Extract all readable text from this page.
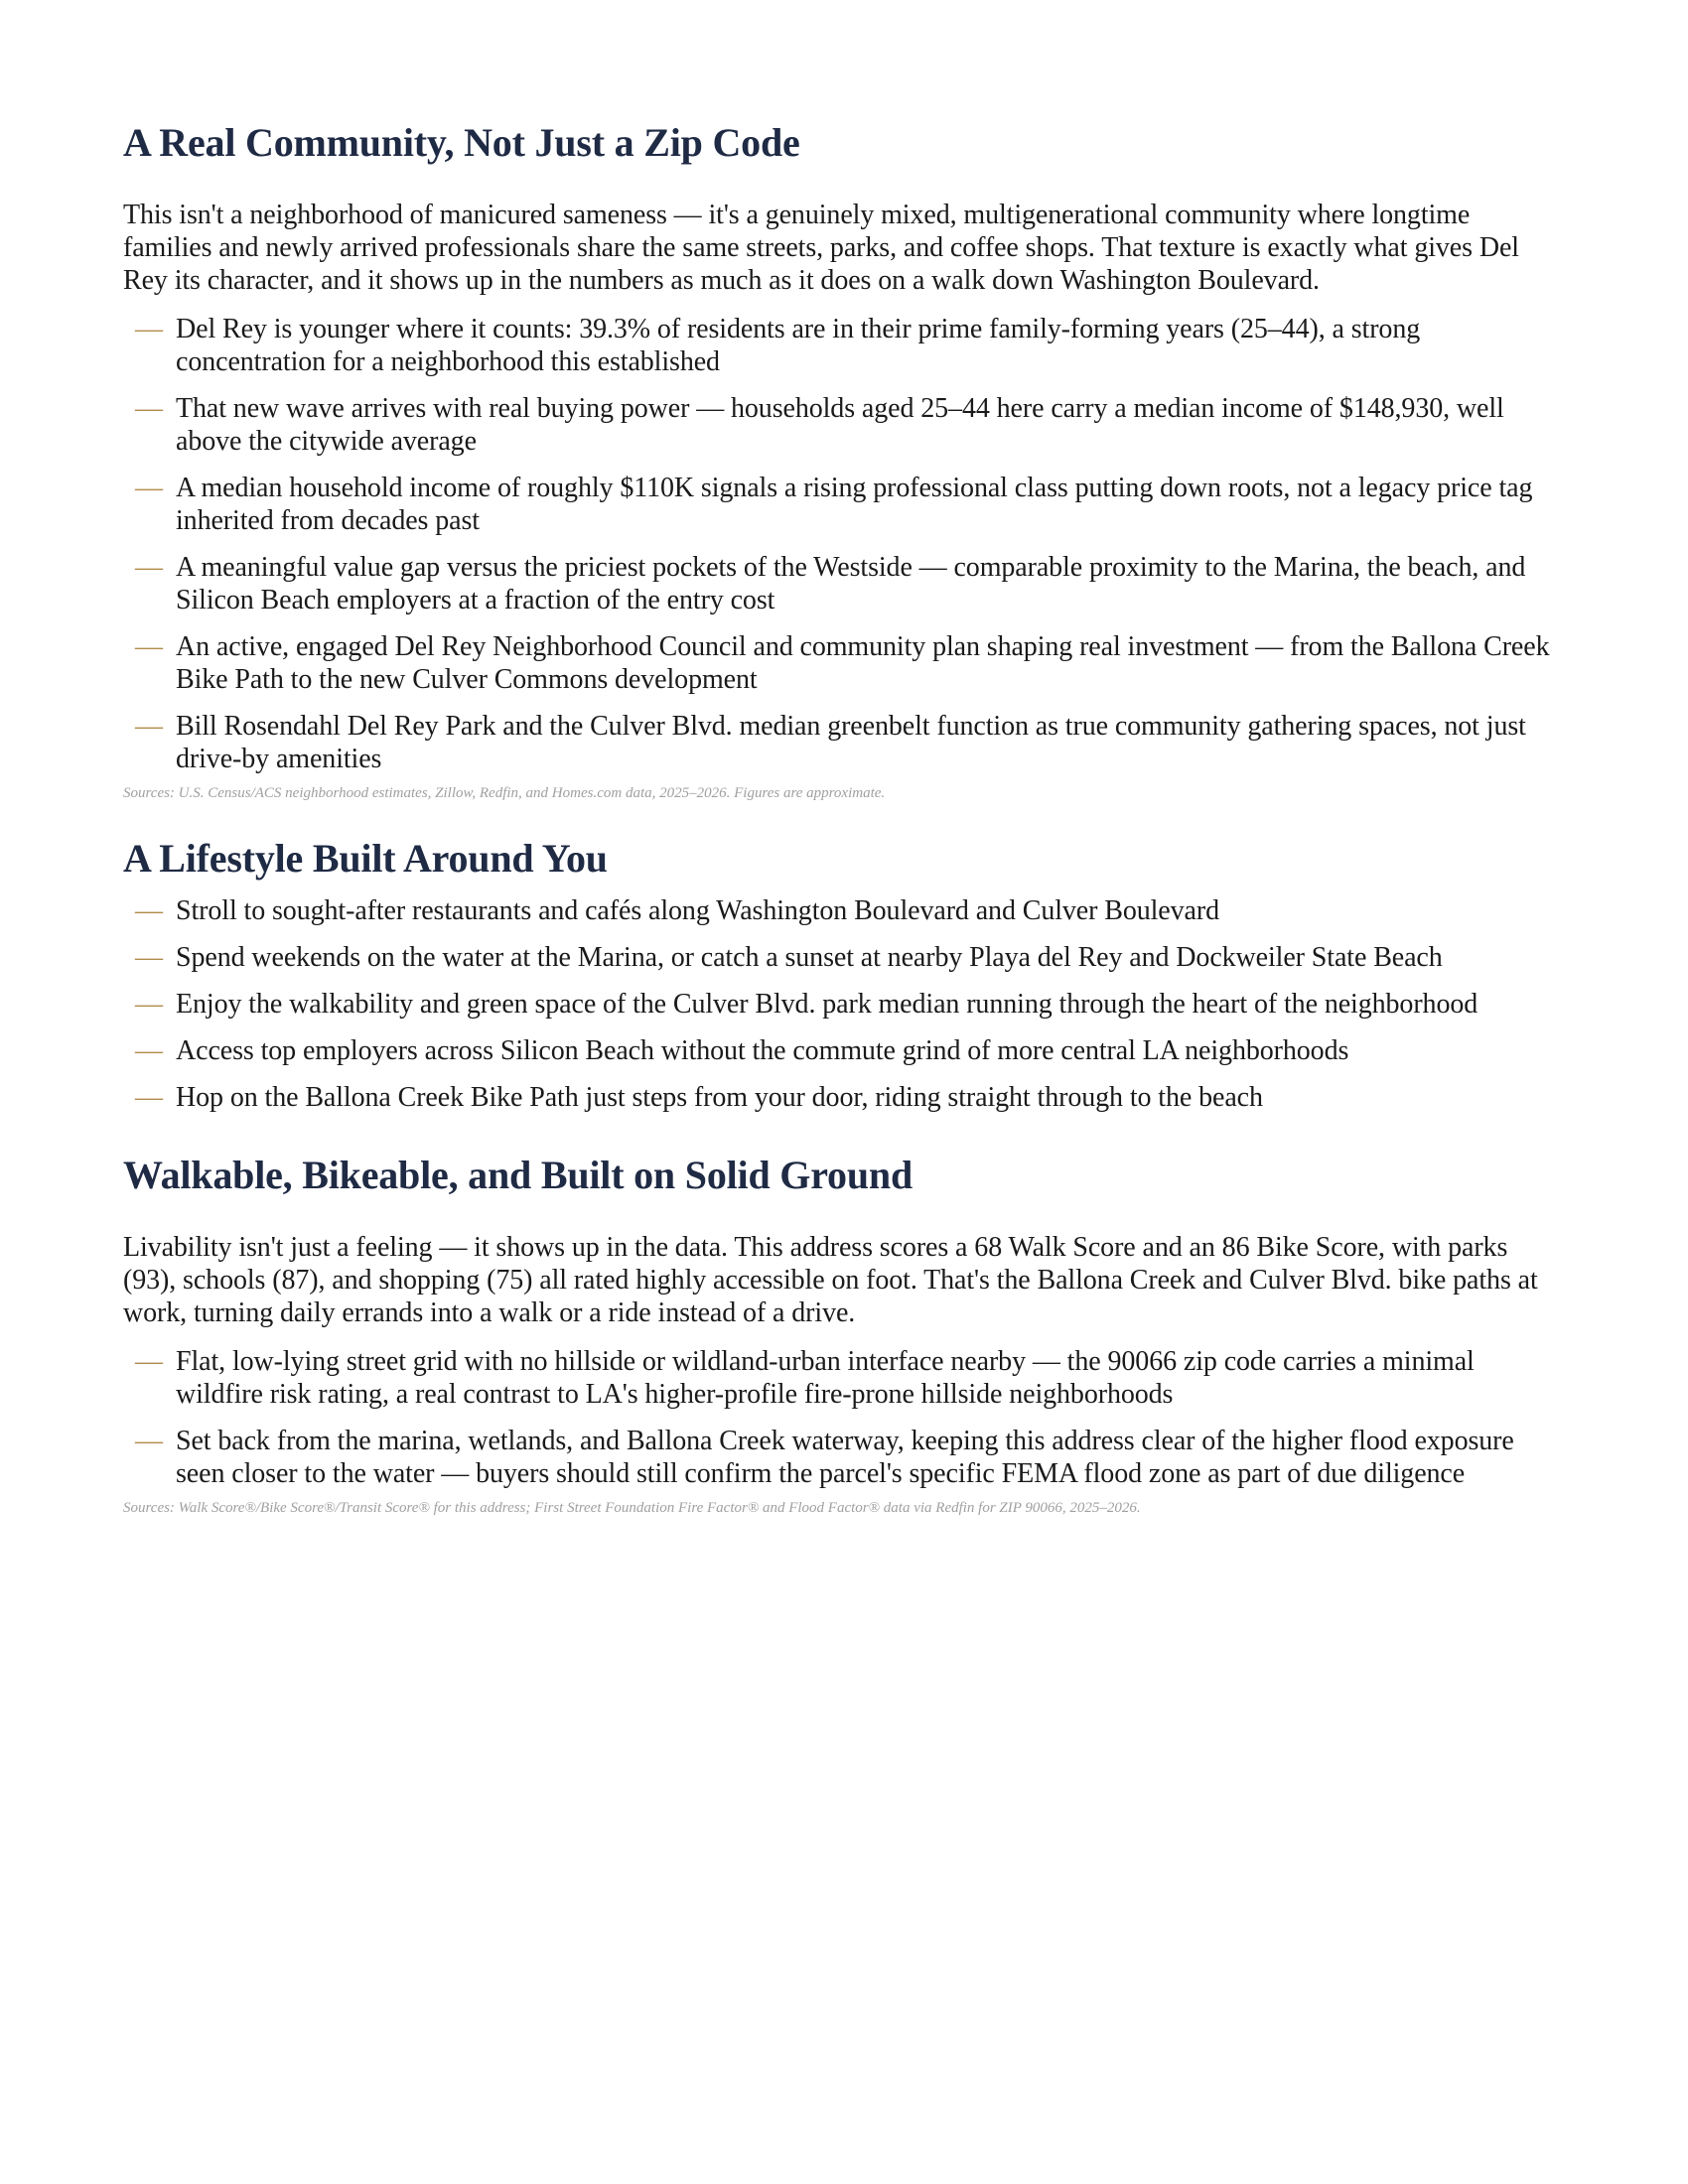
A Real Community, Not Just a Zip Code

This isn't a neighborhood of manicured sameness — it's a genuinely mixed, multigenerational community where longtime families and newly arrived professionals share the same streets, parks, and coffee shops. That texture is exactly what gives Del Rey its character, and it shows up in the numbers as much as it does on a walk down Washington Boulevard.

— Del Rey is younger where it counts: 39.3% of residents are in their prime family-forming years (25–44), a strong concentration for a neighborhood this established
— That new wave arrives with real buying power — households aged 25–44 here carry a median income of $148,930, well above the citywide average
— A median household income of roughly $110K signals a rising professional class putting down roots, not a legacy price tag inherited from decades past
— A meaningful value gap versus the priciest pockets of the Westside — comparable proximity to the Marina, the beach, and Silicon Beach employers at a fraction of the entry cost
— An active, engaged Del Rey Neighborhood Council and community plan shaping real investment — from the Ballona Creek Bike Path to the new Culver Commons development
— Bill Rosendahl Del Rey Park and the Culver Blvd. median greenbelt function as true community gathering spaces, not just drive-by amenities

Sources: U.S. Census/ACS neighborhood estimates, Zillow, Redfin, and Homes.com data, 2025–2026. Figures are approximate.

A Lifestyle Built Around You
— Stroll to sought-after restaurants and cafés along Washington Boulevard and Culver Boulevard
— Spend weekends on the water at the Marina, or catch a sunset at nearby Playa del Rey and Dockweiler State Beach
— Enjoy the walkability and green space of the Culver Blvd. park median running through the heart of the neighborhood
— Access top employers across Silicon Beach without the commute grind of more central LA neighborhoods
— Hop on the Ballona Creek Bike Path just steps from your door, riding straight through to the beach
Walkable, Bikeable, and Built on Solid Ground

Livability isn't just a feeling — it shows up in the data. This address scores a 68 Walk Score and an 86 Bike Score, with parks (93), schools (87), and shopping (75) all rated highly accessible on foot. That's the Ballona Creek and Culver Blvd. bike paths at work, turning daily errands into a walk or a ride instead of a drive.

— Flat, low-lying street grid with no hillside or wildland-urban interface nearby — the 90066 zip code carries a minimal wildfire risk rating, a real contrast to LA's higher-profile fire-prone hillside neighborhoods
— Set back from the marina, wetlands, and Ballona Creek waterway, keeping this address clear of the higher flood exposure seen closer to the water — buyers should still confirm the parcel's specific FEMA flood zone as part of due diligence

Sources: Walk Score®/Bike Score®/Transit Score® for this address; First Street Foundation Fire Factor® and Flood Factor® data via Redfin for ZIP 90066, 2025–2026.
